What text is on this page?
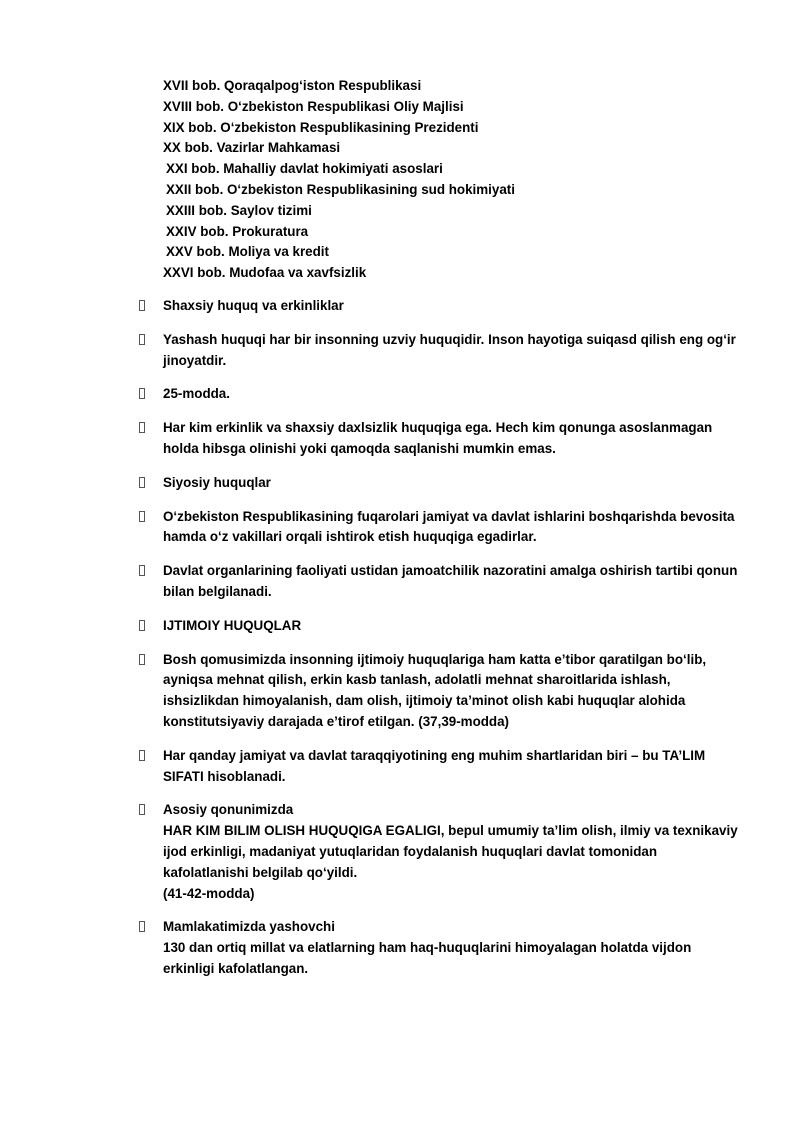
XVII bob. Qoraqalpog‘iston Respublikasi
XVIII bob. O‘zbekiston Respublikasi Oliy Majlisi
XIX bob. O‘zbekiston Respublikasining Prezidenti
XX bob. Vazirlar Mahkamasi
XXI bob. Mahalliy davlat hokimiyati asoslari
XXII bob. O‘zbekiston Respublikasining sud hokimiyati
XXIII bob. Saylov tizimi
XXIV bob. Prokuratura
XXV bob. Moliya va kredit
XXVI bob. Mudofaa va xavfsizlik
Shaxsiy huquq va erkinliklar
Yashash huquqi har bir insonning uzviy huquqidir. Inson hayotiga suiqasd qilish eng og‘ir jinoyatdir.
25-modda.
Har kim erkinlik va shaxsiy daxlsizlik huquqiga ega. Hech kim qonunga asoslanmagan holda hibsga olinishi yoki qamoqda saqlanishi mumkin emas.
Siyosiy huquqlar
O‘zbekiston Respublikasining fuqarolari jamiyat va davlat ishlarini boshqarishda bevosita hamda o‘z vakillari orqali ishtirok etish huquqiga egadirlar.
Davlat organlarining faoliyati ustidan jamoatchilik nazoratini amalga oshirish tartibi qonun bilan belgilanadi.
IJTIMOIY HUQUQLAR
Bosh qomusimizda insonning ijtimoiy huquqlariga ham katta e’tibor qaratilgan bo‘lib, ayniqsa mehnat qilish, erkin kasb tanlash, adolatli mehnat sharoitlarida ishlash, ishsizlikdan himoyalanish, dam olish, ijtimoiy ta’minot olish kabi huquqlar alohida konstitutsiyaviy darajada e’tirof etilgan. (37,39-modda)
Har qanday jamiyat va davlat taraqqiyotining eng muhim shartlaridan biri – bu TA’LIM SIFATI hisoblanadi.
Asosiy qonunimizda
HAR KIM BILIM OLISH HUQUQIGA EGALIGI, bepul umumiy ta’lim olish, ilmiy va texnikaviy ijod erkinligi, madaniyat yutuqlaridan foydalanish huquqlari davlat tomonidan kafolatlanishi belgilab qo‘yildi.
(41-42-modda)
Mamlakatimizda yashovchi
130 dan ortiq millat va elatlarning ham haq-huquqlarini himoyalagan holatda vijdon erkinligi kafolatlangan.
